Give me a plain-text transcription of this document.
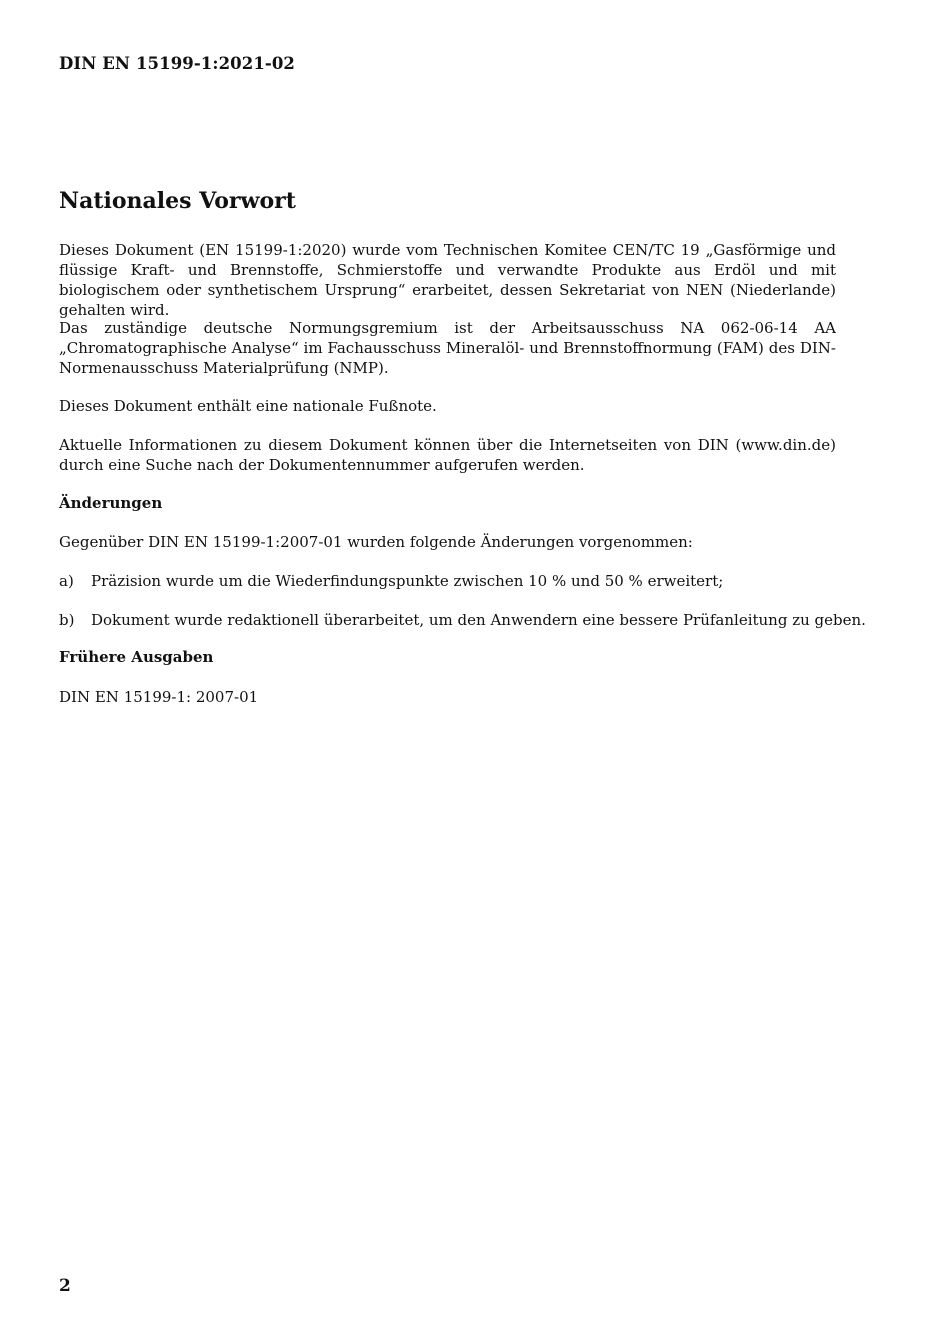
DIN EN 15199-1:2021-02
Nationales Vorwort

Dieses Dokument (EN 15199-1:2020) wurde vom Technischen Komitee CEN/TC 19 „Gasförmige und flüssige Kraft- und Brennstoffe, Schmierstoffe und verwandte Produkte aus Erdöl und mit biologischem oder synthetischem Ursprung“ erarbeitet, dessen Sekretariat von NEN (Niederlande) gehalten wird.

Das zuständige deutsche Normungsgremium ist der Arbeitsausschuss NA 062-06-14 AA „Chromatographische Analyse“ im Fachausschuss Mineralöl- und Brennstoffnormung (FAM) des DIN-Normenausschuss Materialprüfung (NMP).

Dieses Dokument enthält eine nationale Fußnote.

Aktuelle Informationen zu diesem Dokument können über die Internetseiten von DIN (www.din.de) durch eine Suche nach der Dokumentennummer aufgerufen werden.

Änderungen

Gegenüber DIN EN 15199-1:2007-01 wurden folgende Änderungen vorgenommen:

a) Präzision wurde um die Wiederfindungspunkte zwischen 10 % und 50 % erweitert;
b) Dokument wurde redaktionell überarbeitet, um den Anwendern eine bessere Prüfanleitung zu geben.
Frühere Ausgaben

DIN EN 15199-1: 2007-01

2
